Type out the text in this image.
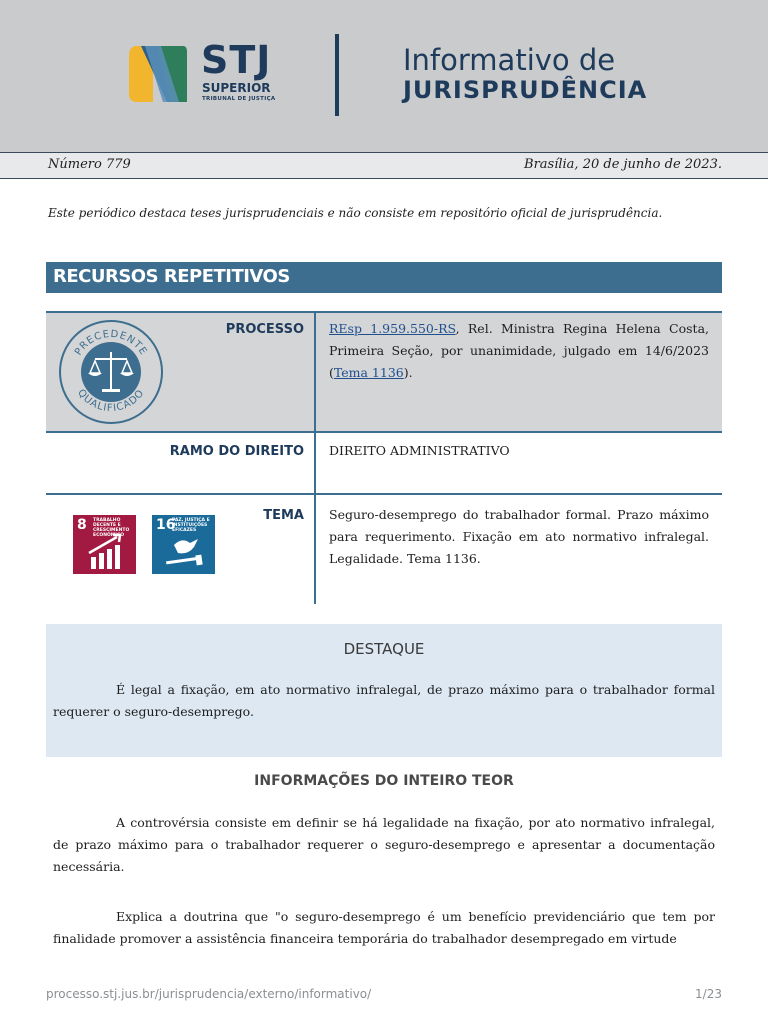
STJ
SUPERIOR
TRIBUNAL DE JUSTIÇA
Informativo de
JURISPRUDÊNCIA
Número 779	Brasília, 20 de junho de 2023.
Este periódico destaca teses jurisprudenciais e não consiste em repositório oficial de jurisprudência.
RECURSOS REPETITIVOS
PRECEDENTE
QUALIFICADO
PROCESSO REsp 1.959.550-RS, Rel. Ministra Regina Helena Costa, Primeira Seção, por unanimidade, julgado em 14/6/2023 (Tema 1136).
RAMO DO DIREITO DIREITO ADMINISTRATIVO
TEMA Seguro-desemprego do trabalhador formal. Prazo máximo para requerimento. Fixação em ato normativo infralegal. Legalidade. Tema 1136.
8 TRABALHO DECENTE E CRESCIMENTO ECONÔMICO
16
PAZ, JUSTIÇA E INSTITUIÇÕES EFICAZES
DESTAQUE
É legal a fixação, em ato normativo infralegal, de prazo máximo para o trabalhador formal requerer o seguro-desemprego.
INFORMAÇÕES DO INTEIRO TEOR
A controvérsia consiste em definir se há legalidade na fixação, por ato normativo infralegal, de prazo máximo para o trabalhador requerer o seguro-desemprego e apresentar a documentação necessária.
Explica a doutrina que "o seguro-desemprego é um benefício previdenciário que tem por finalidade promover a assistência financeira temporária do trabalhador desempregado em virtude
processo.stj.jus.br/jurisprudencia/externo/informativo/	1/23
